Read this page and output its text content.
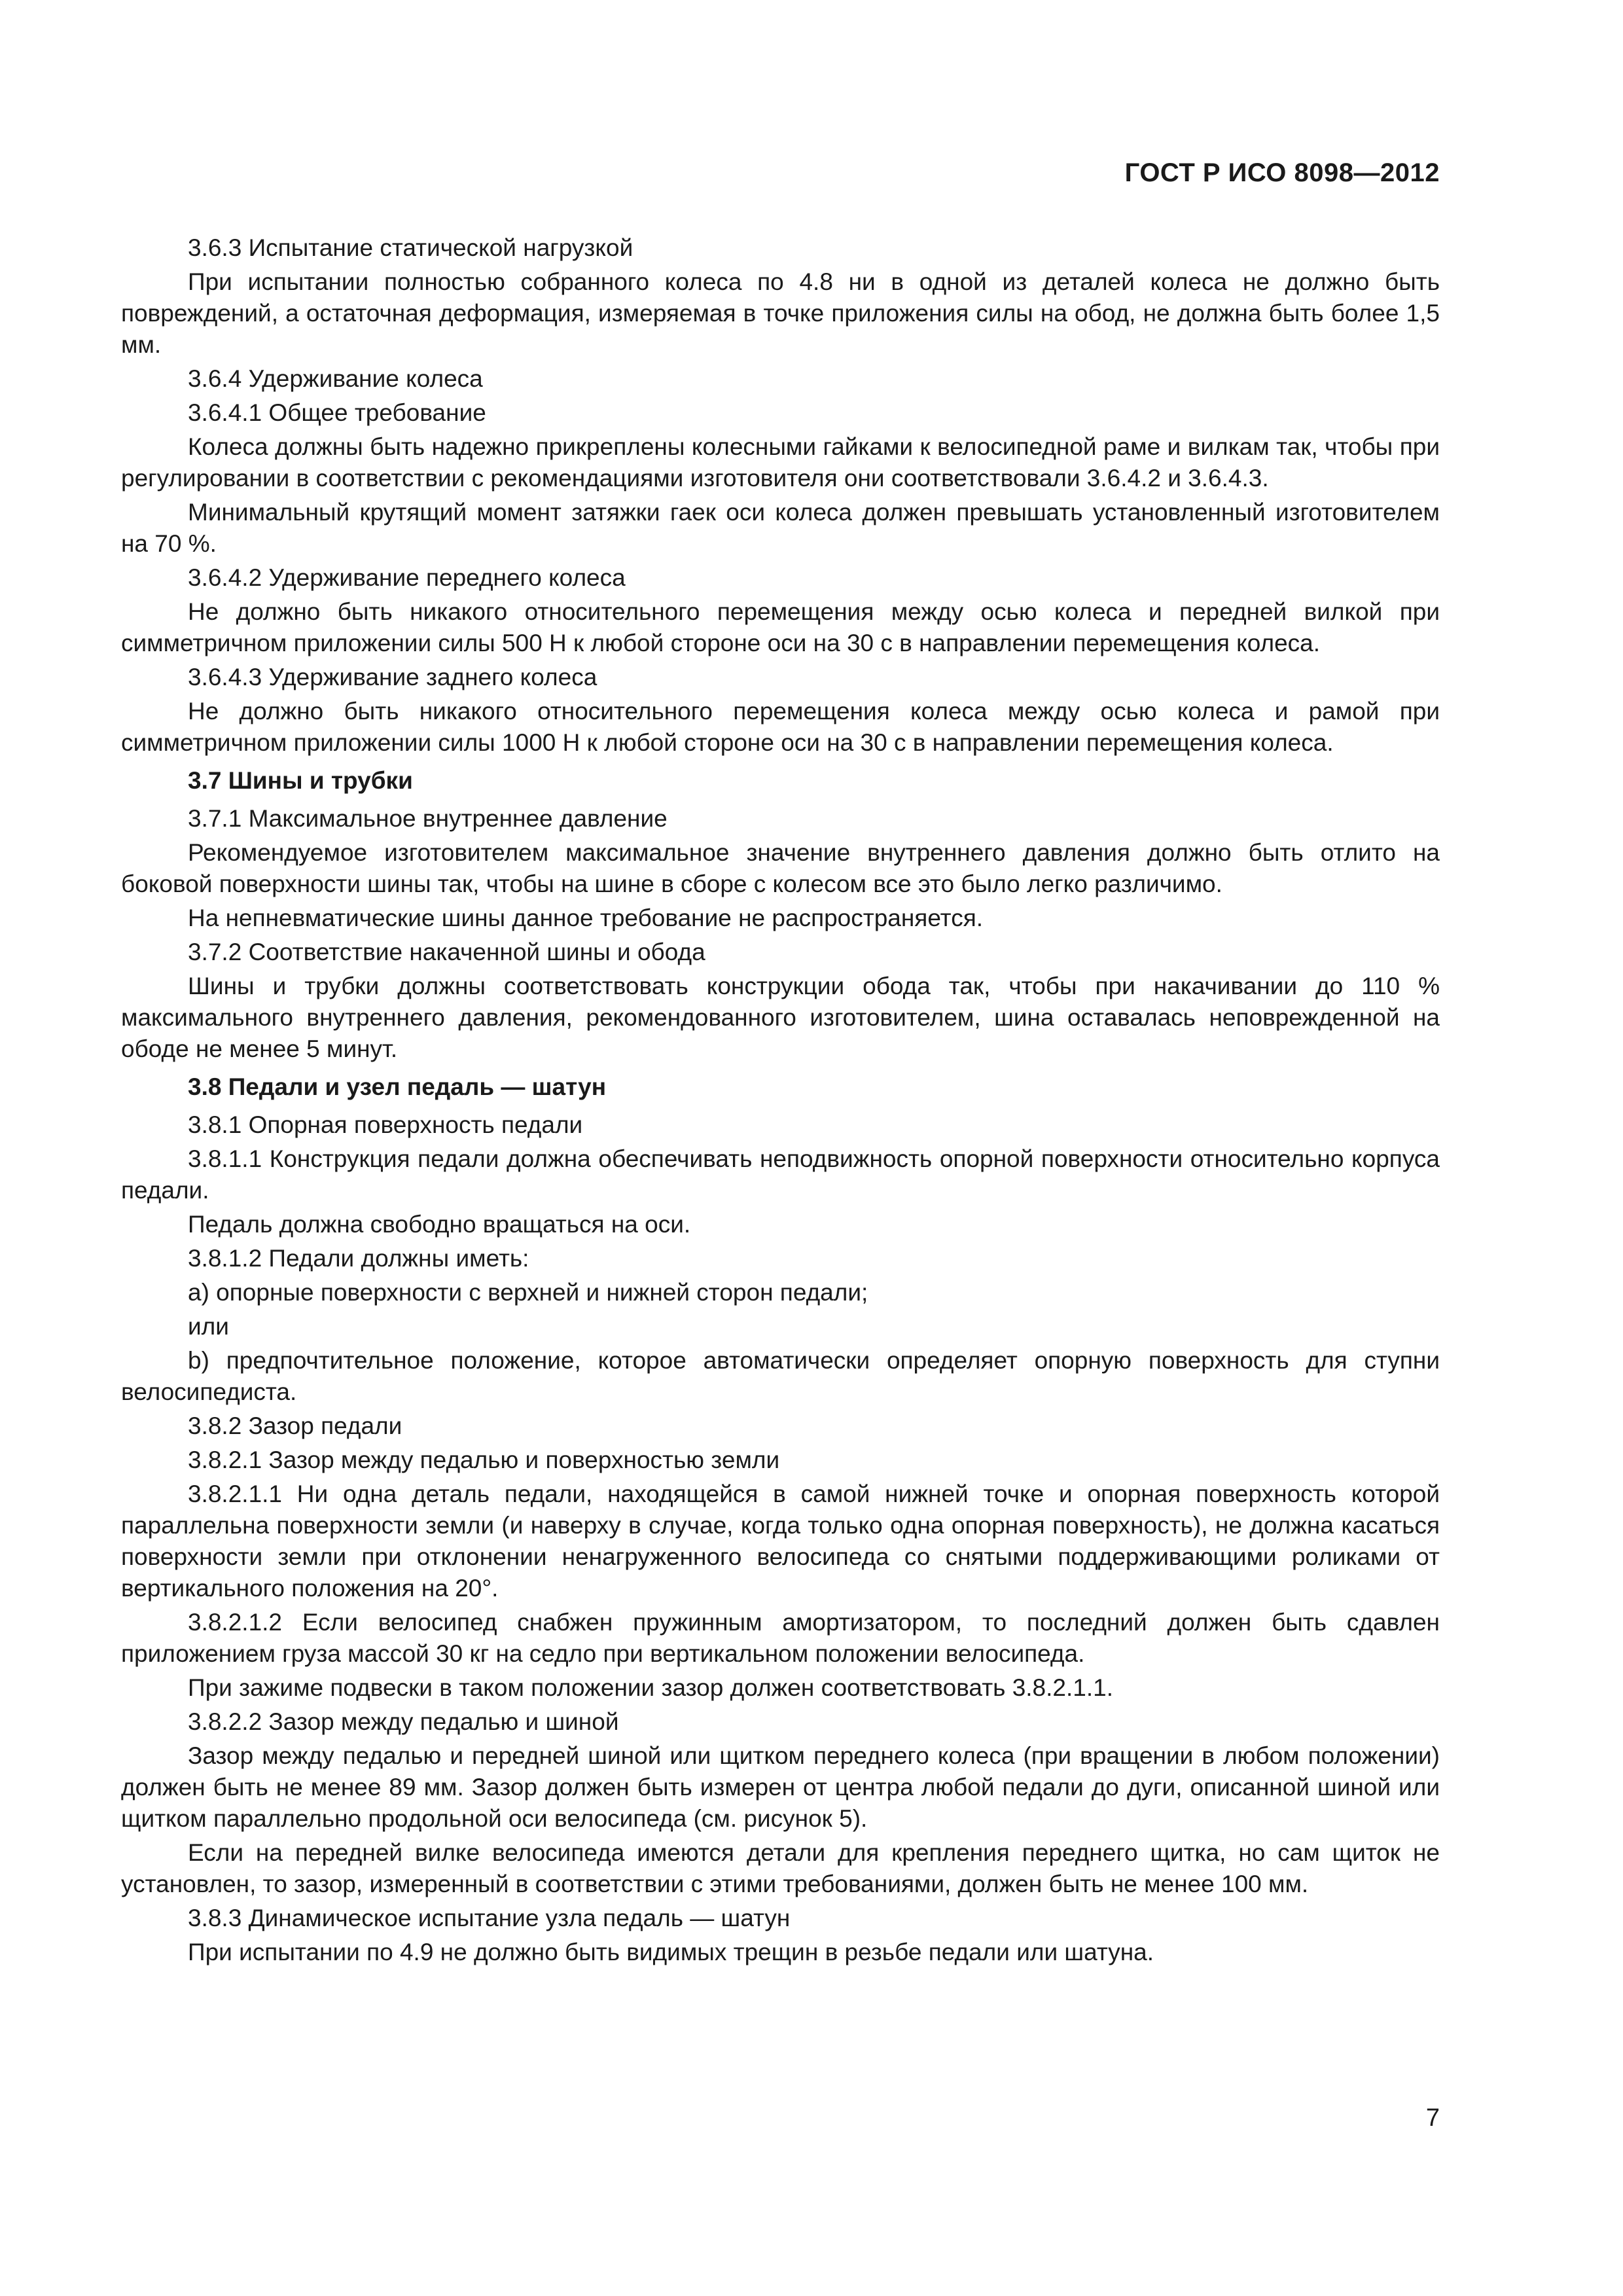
ГОСТ Р ИСО 8098—2012

3.6.3 Испытание статической нагрузкой

При испытании полностью собранного колеса по 4.8 ни в одной из деталей колеса не должно быть повреждений, а остаточная деформация, измеряемая в точке приложения силы на обод, не должна быть более 1,5 мм.

3.6.4 Удерживание колеса

3.6.4.1 Общее требование

Колеса должны быть надежно прикреплены колесными гайками к велосипедной раме и вилкам так, чтобы при регулировании в соответствии с рекомендациями изготовителя они соответствовали 3.6.4.2 и 3.6.4.3.

Минимальный крутящий момент затяжки гаек оси колеса должен превышать установленный изготовителем на 70 %.

3.6.4.2 Удерживание переднего колеса

Не должно быть никакого относительного перемещения между осью колеса и передней вилкой при симметричном приложении силы 500 Н к любой стороне оси на 30 с в направлении перемещения колеса.

3.6.4.3 Удерживание заднего колеса

Не должно быть никакого относительного перемещения колеса между осью колеса и рамой при симметричном приложении силы 1000 Н к любой стороне оси на 30 с в направлении перемещения колеса.

3.7 Шины и трубки

3.7.1 Максимальное внутреннее давление

Рекомендуемое изготовителем максимальное значение внутреннего давления должно быть отлито на боковой поверхности шины так, чтобы на шине в сборе с колесом все это было легко различимо.

На непневматические шины данное требование не распространяется.

3.7.2 Соответствие накаченной шины и обода

Шины и трубки должны соответствовать конструкции обода так, чтобы при накачивании до 110 % максимального внутреннего давления, рекомендованного изготовителем, шина оставалась неповрежденной на ободе не менее 5 минут.

3.8 Педали и узел педаль — шатун

3.8.1 Опорная поверхность педали

3.8.1.1 Конструкция педали должна обеспечивать неподвижность опорной поверхности относительно корпуса педали.

Педаль должна свободно вращаться на оси.

3.8.1.2 Педали должны иметь:

а) опорные поверхности с верхней и нижней сторон педали;

или

b) предпочтительное положение, которое автоматически определяет опорную поверхность для ступни велосипедиста.

3.8.2 Зазор педали

3.8.2.1 Зазор между педалью и поверхностью земли

3.8.2.1.1 Ни одна деталь педали, находящейся в самой нижней точке и опорная поверхность которой параллельна поверхности земли (и наверху в случае, когда только одна опорная поверхность), не должна касаться поверхности земли при отклонении ненагруженного велосипеда со снятыми поддерживающими роликами от вертикального положения на 20°.

3.8.2.1.2 Если велосипед снабжен пружинным амортизатором, то последний должен быть сдавлен приложением груза массой 30 кг на седло при вертикальном положении велосипеда.

При зажиме подвески в таком положении зазор должен соответствовать 3.8.2.1.1.

3.8.2.2 Зазор между педалью и шиной

Зазор между педалью и передней шиной или щитком переднего колеса (при вращении в любом положении) должен быть не менее 89 мм. Зазор должен быть измерен от центра любой педали до дуги, описанной шиной или щитком параллельно продольной оси велосипеда (см. рисунок 5).

Если на передней вилке велосипеда имеются детали для крепления переднего щитка, но сам щиток не установлен, то зазор, измеренный в соответствии с этими требованиями, должен быть не менее 100 мм.

3.8.3 Динамическое испытание узла педаль — шатун

При испытании по 4.9 не должно быть видимых трещин в резьбе педали или шатуна.

7
